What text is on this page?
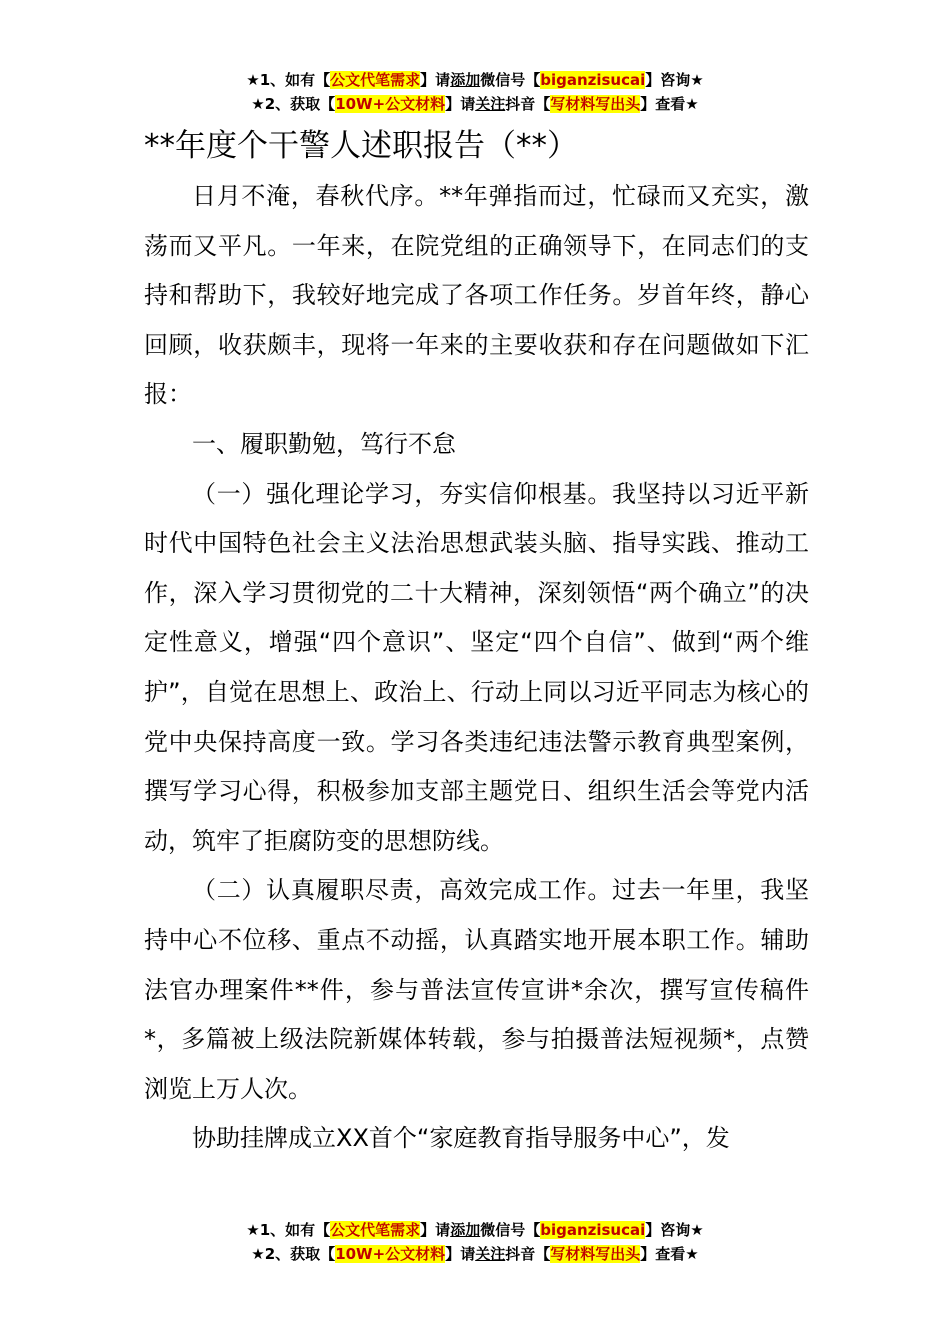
★1、如有【公文代笔需求】请添加微信号【biganzisucai】咨询★
★2、获取【10W+公文材料】请关注抖音【写材料写出头】查看★
**年度个干警人述职报告（**）

日月不淹，春秋代序。**年弹指而过，忙碌而又充实，激荡而又平凡。一年来，在院党组的正确领导下，在同志们的支持和帮助下，我较好地完成了各项工作任务。岁首年终，静心回顾，收获颇丰，现将一年来的主要收获和存在问题做如下汇报：

一、履职勤勉，笃行不怠

（一）强化理论学习，夯实信仰根基。我坚持以习近平新时代中国特色社会主义法治思想武装头脑、指导实践、推动工作，深入学习贯彻党的二十大精神，深刻领悟“两个确立”的决定性意义，增强“四个意识”、坚定“四个自信”、做到“两个维护”，自觉在思想上、政治上、行动上同以习近平同志为核心的党中央保持高度一致。学习各类违纪违法警示教育典型案例，撰写学习心得，积极参加支部主题党日、组织生活会等党内活动，筑牢了拒腐防变的思想防线。

（二）认真履职尽责，高效完成工作。过去一年里，我坚持中心不位移、重点不动摇，认真踏实地开展本职工作。辅助法官办理案件**件，参与普法宣传宣讲*余次，撰写宣传稿件*，多篇被上级法院新媒体转载，参与拍摄普法短视频*，点赞浏览上万人次。

协助挂牌成立XX首个“家庭教育指导服务中心”，发

★1、如有【公文代笔需求】请添加微信号【biganzisucai】咨询★
★2、获取【10W+公文材料】请关注抖音【写材料写出头】查看★
